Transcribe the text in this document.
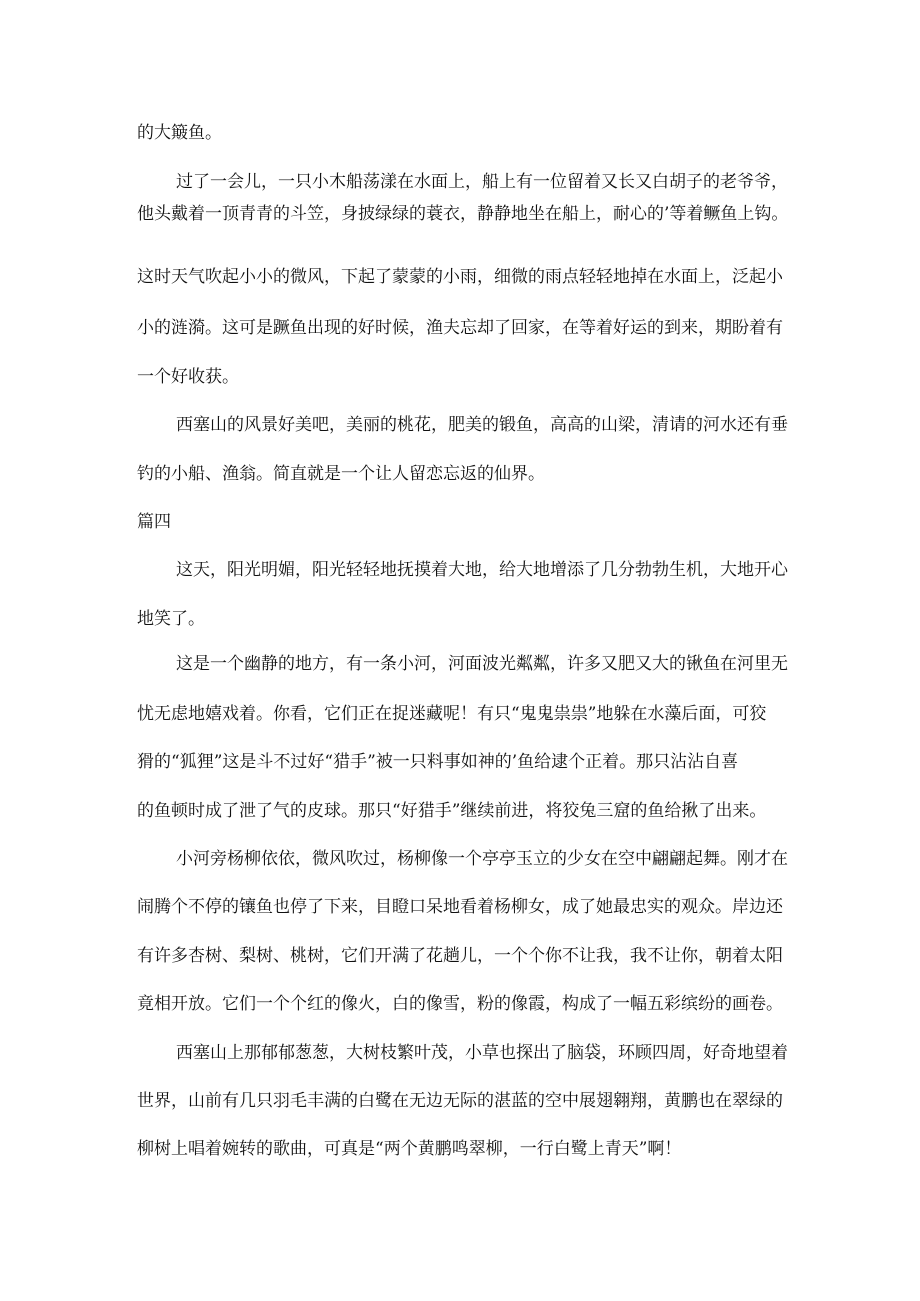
的大簸鱼。

过了一会儿，一只小木船荡漾在水面上，船上有一位留着又长又白胡子的老爷爷，

他头戴着一顶青青的斗笠，身披绿绿的蓑衣，静静地坐在船上，耐心的’等着鳜鱼上钩。

这时天气吹起小小的微风，下起了蒙蒙的小雨，细微的雨点轻轻地掉在水面上，泛起小

小的涟漪。这可是蹶鱼出现的好时候，渔夫忘却了回家，在等着好运的到来，期盼着有

一个好收获。

西塞山的风景好美吧，美丽的桃花，肥美的锻鱼，高高的山梁，清请的河水还有垂

钓的小船、渔翁。简直就是一个让人留恋忘返的仙界。

篇四

这天，阳光明媚，阳光轻轻地抚摸着大地，给大地增添了几分勃勃生机，大地开心

地笑了。

这是一个幽静的地方，有一条小河，河面波光粼粼，许多又肥又大的锹鱼在河里无

忧无虑地嬉戏着。你看，它们正在捉迷藏呢！有只“鬼鬼祟祟”地躲在水藻后面，可狡

猾的“狐狸”这是斗不过好“猎手”被一只料事如神的’鱼给逮个正着。那只沾沾自喜

的鱼顿时成了泄了气的皮球。那只“好猎手”继续前进，将狡兔三窟的鱼给揪了出来。

小河旁杨柳依依，微风吹过，杨柳像一个亭亭玉立的少女在空中翩翩起舞。刚才在

闹腾个不停的镶鱼也停了下来，目瞪口呆地看着杨柳女，成了她最忠实的观众。岸边还

有许多杏树、梨树、桃树，它们开满了花趟儿，一个个你不让我，我不让你，朝着太阳

竟相开放。它们一个个红的像火，白的像雪，粉的像霞，构成了一幅五彩缤纷的画卷。

西塞山上那郁郁葱葱，大树枝繁叶茂，小草也探出了脑袋，环顾四周，好奇地望着

世界，山前有几只羽毛丰满的白鹭在无边无际的湛蓝的空中展翅翱翔，黄鹏也在翠绿的

柳树上唱着婉转的歌曲，可真是“两个黄鹏鸣翠柳，一行白鹭上青天”啊！
